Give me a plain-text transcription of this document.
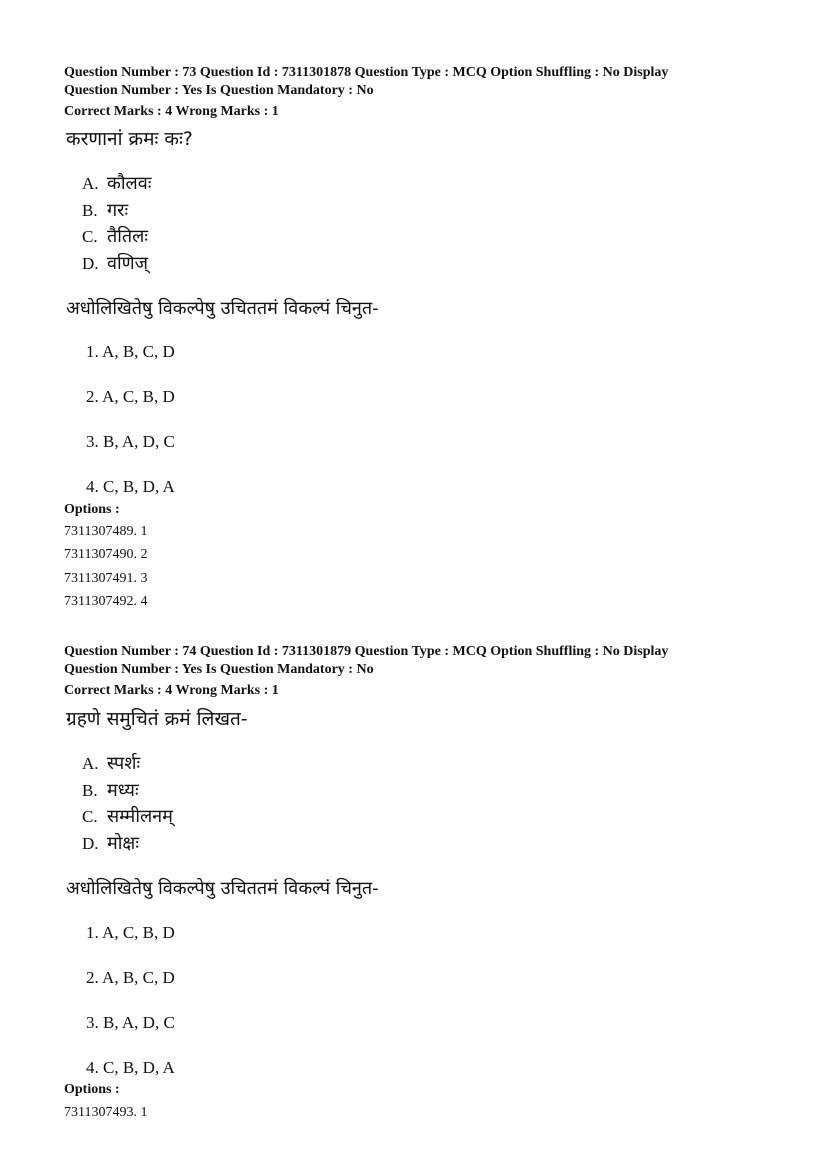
Question Number : 73 Question Id : 7311301878 Question Type : MCQ Option Shuffling : No Display
Question Number : Yes Is Question Mandatory : No
Correct Marks : 4 Wrong Marks : 1
करणानां क्रमः कः?
A. कौलवः
B. गरः
C. तैतिलः
D. वणिज्
अधोलिखितेषु विकल्पेषु उचिततमं विकल्पं चिनुत-
1. A, B, C, D
2. A, C, B, D
3. B, A, D, C
4. C, B, D, A
Options :
7311307489. 1
7311307490. 2
7311307491. 3
7311307492. 4
Question Number : 74 Question Id : 7311301879 Question Type : MCQ Option Shuffling : No Display
Question Number : Yes Is Question Mandatory : No
Correct Marks : 4 Wrong Marks : 1
ग्रहणे समुचितं क्रमं लिखत-
A. स्पर्शः
B. मध्यः
C. सम्मीलनम्
D. मोक्षः
अधोलिखितेषु विकल्पेषु उचिततमं विकल्पं चिनुत-
1. A, C, B, D
2. A, B, C, D
3. B, A, D, C
4. C, B, D, A
Options :
7311307493. 1
